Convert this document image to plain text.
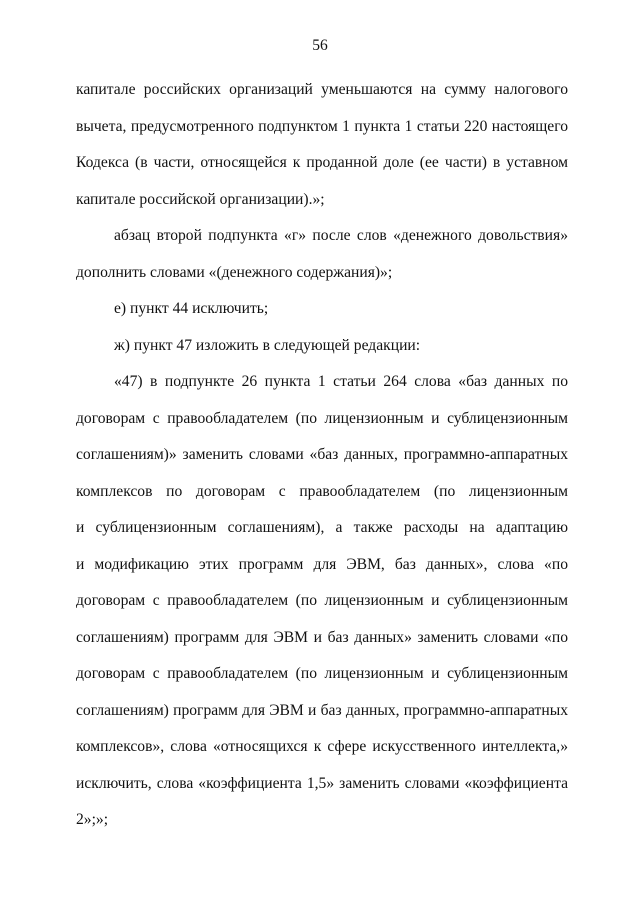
56
капитале российских организаций уменьшаются на сумму налогового
вычета, предусмотренного подпунктом 1 пункта 1 статьи 220 настоящего
Кодекса (в части, относящейся к проданной доле (ее части) в уставном
капитале российской организации).»;
абзац второй подпункта «г» после слов «денежного довольствия»
дополнить словами «(денежного содержания)»;
е) пункт 44 исключить;
ж) пункт 47 изложить в следующей редакции:
«47) в подпункте 26 пункта 1 статьи 264 слова «баз данных по
договорам с правообладателем (по лицензионным и сублицензионным
соглашениям)» заменить словами «баз данных, программно-аппаратных
комплексов по договорам с правообладателем (по лицензионным
и сублицензионным соглашениям), а также расходы на адаптацию
и модификацию этих программ для ЭВМ, баз данных», слова «по
договорам с правообладателем (по лицензионным и сублицензионным
соглашениям) программ для ЭВМ и баз данных» заменить словами «по
договорам с правообладателем (по лицензионным и сублицензионным
соглашениям) программ для ЭВМ и баз данных, программно-аппаратных
комплексов», слова «относящихся к сфере искусственного интеллекта,»
исключить, слова «коэффициента 1,5» заменить словами «коэффициента
2»;»;
